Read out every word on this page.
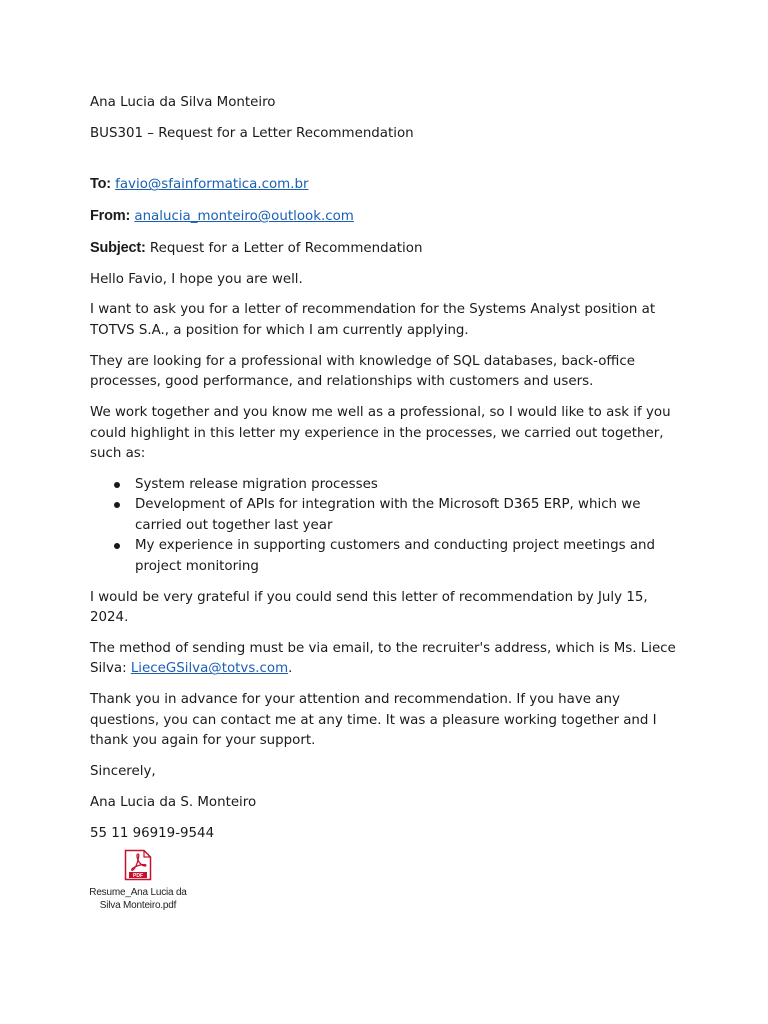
Ana Lucia da Silva Monteiro

BUS301 – Request for a Letter Recommendation

To: favio@sfainformatica.com.br

From: analucia_monteiro@outlook.com

Subject: Request for a Letter of Recommendation

Hello Favio, I hope you are well.

I want to ask you for a letter of recommendation for the Systems Analyst position at TOTVS S.A., a position for which I am currently applying.

They are looking for a professional with knowledge of SQL databases, back-office processes, good performance, and relationships with customers and users.

We work together and you know me well as a professional, so I would like to ask if you could highlight in this letter my experience in the processes, we carried out together, such as:

System release migration processes
Development of APIs for integration with the Microsoft D365 ERP, which we carried out together last year
My experience in supporting customers and conducting project meetings and project monitoring

I would be very grateful if you could send this letter of recommendation by July 15, 2024.

The method of sending must be via email, to the recruiter's address, which is Ms. Liece Silva: LieceGSilva@totvs.com.

Thank you in advance for your attention and recommendation. If you have any questions, you can contact me at any time. It was a pleasure working together and I thank you again for your support.

Sincerely,

Ana Lucia da S. Monteiro

55 11 96919-9544

PDF
Resume_Ana Lucia da
Silva Monteiro.pdf
